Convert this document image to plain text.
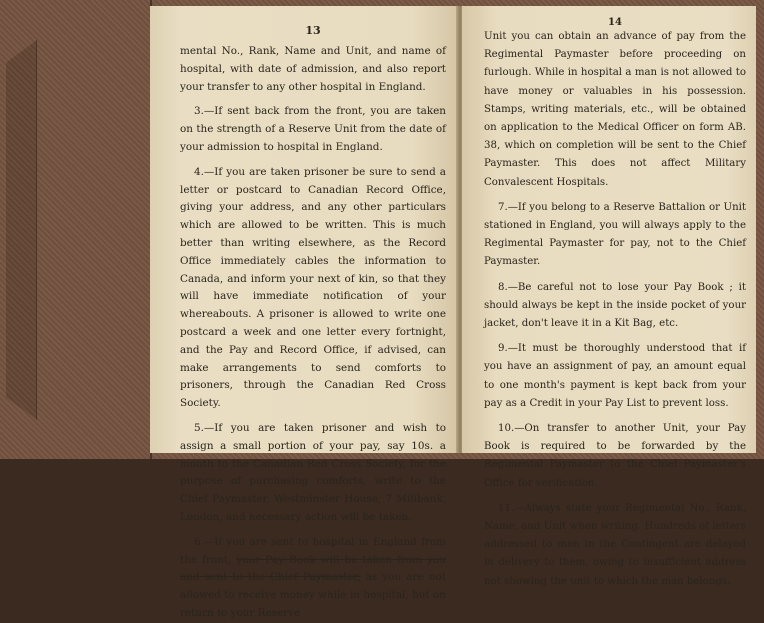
13

mental No., Rank, Name and Unit, and name of hospital, with date of admission, and also report your transfer to any other hospital in England.

3.—If sent back from the front, you are taken on the strength of a Reserve Unit from the date of your admission to hospital in England.

4.—If you are taken prisoner be sure to send a letter or postcard to Canadian Record Office, giving your address, and any other particulars which are allowed to be written. This is much better than writing elsewhere, as the Record Office immediately cables the information to Canada, and inform your next of kin, so that they will have immediate notification of your whereabouts. A prisoner is allowed to write one postcard a week and one letter every fortnight, and the Pay and Record Office, if advised, can make arrangements to send comforts to prisoners, through the Canadian Red Cross Society.

5.—If you are taken prisoner and wish to assign a small portion of your pay, say 10s. a month to the Canadian Red Cross Society, for the purpose of purchasing comforts, write to the Chief Paymaster, Westminster House, 7 Millbank, London, and necessary action will be taken.

6.—If you are sent to hospital in England from the front, your Pay Book will be taken from you and sent to the Chief Paymaster, as you are not allowed to receive money while in hospital, but on return to your Reserve

14

Unit you can obtain an advance of pay from the Regimental Paymaster before proceeding on furlough. While in hospital a man is not allowed to have money or valuables in his possession. Stamps, writing materials, etc., will be obtained on application to the Medical Officer on form AB. 38, which on completion will be sent to the Chief Paymaster. This does not affect Military Convalescent Hospitals.

7.—If you belong to a Reserve Battalion or Unit stationed in England, you will always apply to the Regimental Paymaster for pay, not to the Chief Paymaster.

8.—Be careful not to lose your Pay Book ; it should always be kept in the inside pocket of your jacket, don't leave it in a Kit Bag, etc.

9.—It must be thoroughly understood that if you have an assignment of pay, an amount equal to one month's payment is kept back from your pay as a Credit in your Pay List to prevent loss.

10.—On transfer to another Unit, your Pay Book is required to be forwarded by the Regimental Paymaster to the Chief Paymaster's Office for verification.

11.—Always state your Regimental No., Rank, Name, and Unit when writing. Hundreds of letters addressed to men in the Contingent are delayed in delivery to them, owing to insufficient address not showing the unit to which the man belongs.
